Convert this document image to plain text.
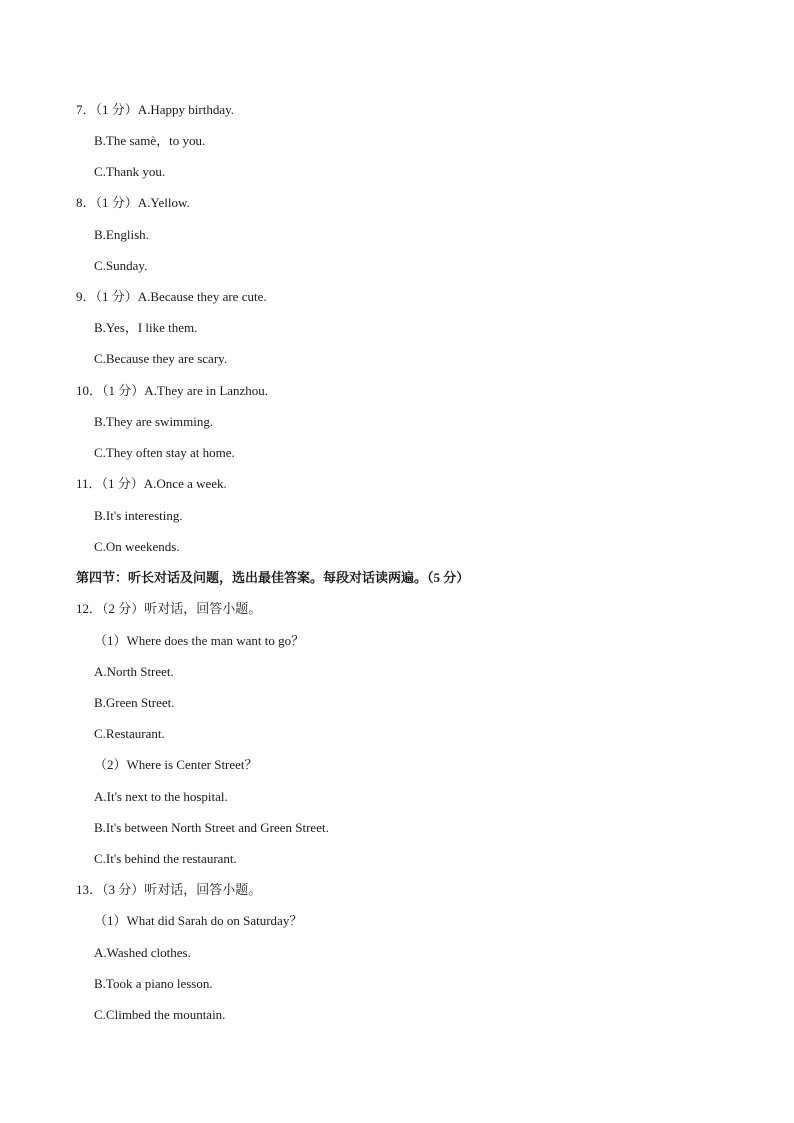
7．（1 分）A.Happy birthday.
B.The samè，to you.
C.Thank you.
8．（1 分）A.Yellow.
B.English.
C.Sunday.
9．（1 分）A.Because they are cute.
B.Yes，I like them.
C.Because they are scary.
10．（1 分）A.They are in Lanzhou.
B.They are swimming.
C.They often stay at home.
11．（1 分）A.Once a week.
B.It's interesting.
C.On weekends.
第四节：听长对话及问题，选出最佳答案。每段对话读两遍。（5 分）
12．（2 分）听对话，回答小题。
（1）Where does the man want to go？
A.North Street.
B.Green Street.
C.Restaurant.
（2）Where is Center Street？
A.It's next to the hospital.
B.It's between North Street and Green Street.
C.It's behind the restaurant.
13．（3 分）听对话，回答小题。
（1）What did Sarah do on Saturday？
A.Washed clothes.
B.Took a piano lesson.
C.Climbed the mountain.
